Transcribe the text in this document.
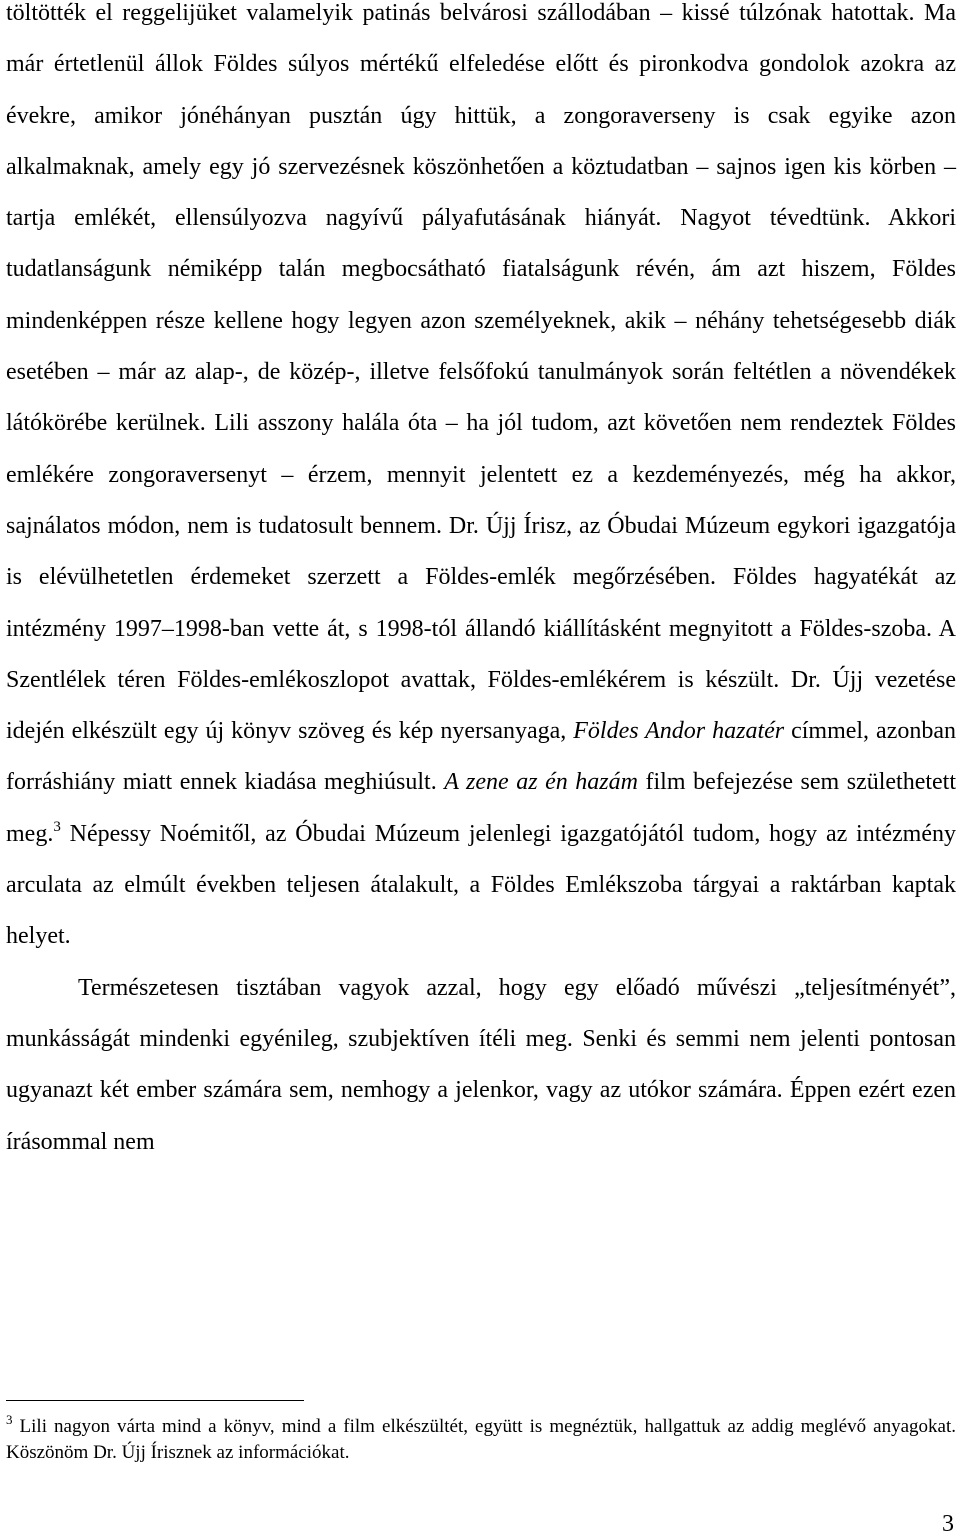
töltötték el reggelijüket valamelyik patinás belvárosi szállodában – kissé túlzónak hatottak. Ma már értetlenül állok Földes súlyos mértékű elfeledése előtt és pironkodva gondolok azokra az évekre, amikor jónéhányan pusztán úgy hittük, a zongoraverseny is csak egyike azon alkalmaknak, amely egy jó szervezésnek köszönhetően a köztudatban – sajnos igen kis körben – tartja emlékét, ellensúlyozva nagyívű pályafutásának hiányát. Nagyot tévedtünk. Akkori tudatlanságunk némiképp talán megbocsátható fiatalságunk révén, ám azt hiszem, Földes mindenképpen része kellene hogy legyen azon személyeknek, akik – néhány tehetségesebb diák esetében – már az alap-, de közép-, illetve felsőfokú tanulmányok során feltétlen a növendékek látókörébe kerülnek. Lili asszony halála óta – ha jól tudom, azt követően nem rendeztek Földes emlékére zongoraversenyt – érzem, mennyit jelentett ez a kezdeményezés, még ha akkor, sajnálatos módon, nem is tudatosult bennem. Dr. Újj Írisz, az Óbudai Múzeum egykori igazgatója is elévülhetetlen érdemeket szerzett a Földes-emlék megőrzésében. Földes hagyatékát az intézmény 1997–1998-ban vette át, s 1998-tól állandó kiállításként megnyitott a Földes-szoba. A Szentlélek téren Földes-emlékoszlopot avattak, Földes-emlékérem is készült. Dr. Újj vezetése idején elkészült egy új könyv szöveg és kép nyersanyaga, Földes Andor hazatér címmel, azonban forráshiány miatt ennek kiadása meghiúsult. A zene az én hazám film befejezése sem születhetett meg.$^3$ Népessy Noémitől, az Óbudai Múzeum jelenlegi igazgatójától tudom, hogy az intézmény arculata az elmúlt években teljesen átalakult, a Földes Emlékszoba tárgyai a raktárban kaptak helyet.

Természetesen tisztában vagyok azzal, hogy egy előadó művészi „teljesítményét”, munkásságát mindenki egyénileg, szubjektíven ítéli meg. Senki és semmi nem jelenti pontosan ugyanazt két ember számára sem, nemhogy a jelenkor, vagy az utókor számára. Éppen ezért ezen írásommal nem

$^3$ Lili nagyon várta mind a könyv, mind a film elkészültét, együtt is megnéztük, hallgattuk az addig meglévő anyagokat. Köszönöm Dr. Újj Írisznek az információkat.
3
